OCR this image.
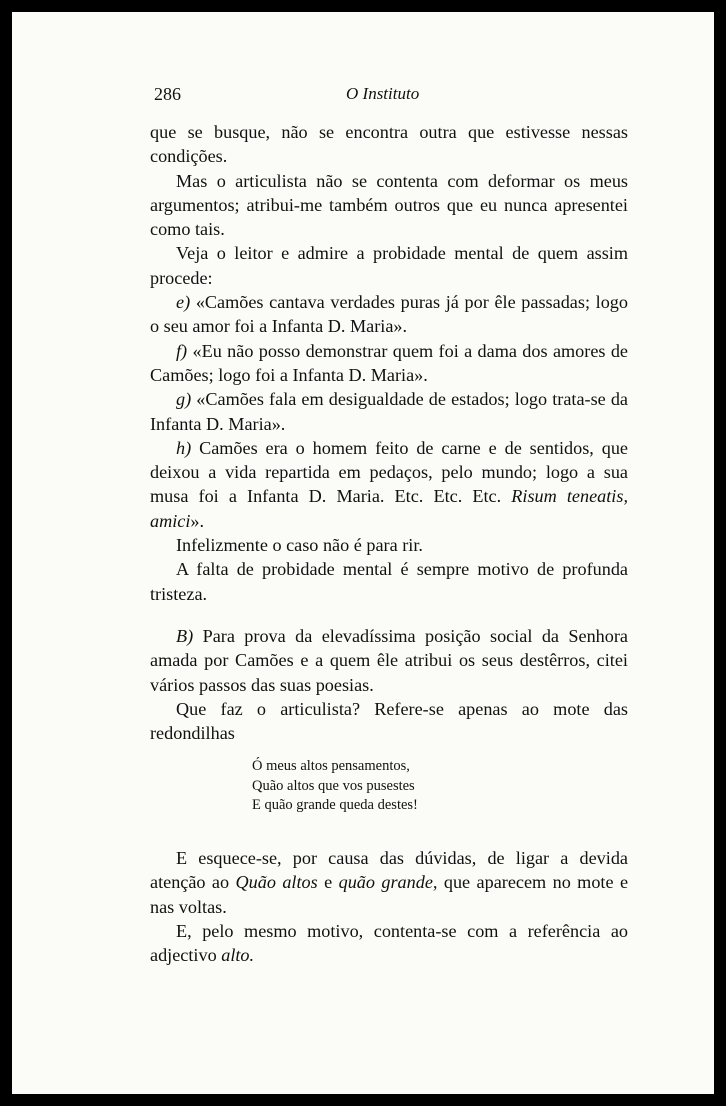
286	O Instituto

que se busque, não se encontra outra que estivesse nessas condições.

Mas o articulista não se contenta com deformar os meus argumentos; atribui-me também outros que eu nunca apresentei como tais.

Veja o leitor e admire a probidade mental de quem assim procede:

e) «Camões cantava verdades puras já por êle passadas; logo o seu amor foi a Infanta D. Maria».

f) «Eu não posso demonstrar quem foi a dama dos amores de Camões; logo foi a Infanta D. Maria».

g) «Camões fala em desigualdade de estados; logo trata-se da Infanta D. Maria».

h) Camões era o homem feito de carne e de sentidos, que deixou a vida repartida em pedaços, pelo mundo; logo a sua musa foi a Infanta D. Maria. Etc. Etc. Etc. Risum teneatis, amici».

Infelizmente o caso não é para rir.

A falta de probidade mental é sempre motivo de profunda tristeza.

B) Para prova da elevadíssima posição social da Senhora amada por Camões e a quem êle atribui os seus destêrros, citei vários passos das suas poesias.

Que faz o articulista? Refere-se apenas ao mote das redondilhas

Ó meus altos pensamentos,
Quão altos que vos pusestes
E quão grande queda destes!

E esquece-se, por causa das dúvidas, de ligar a devida atenção ao Quão altos e quão grande, que aparecem no mote e nas voltas.

E, pelo mesmo motivo, contenta-se com a referência ao adjectivo alto.
